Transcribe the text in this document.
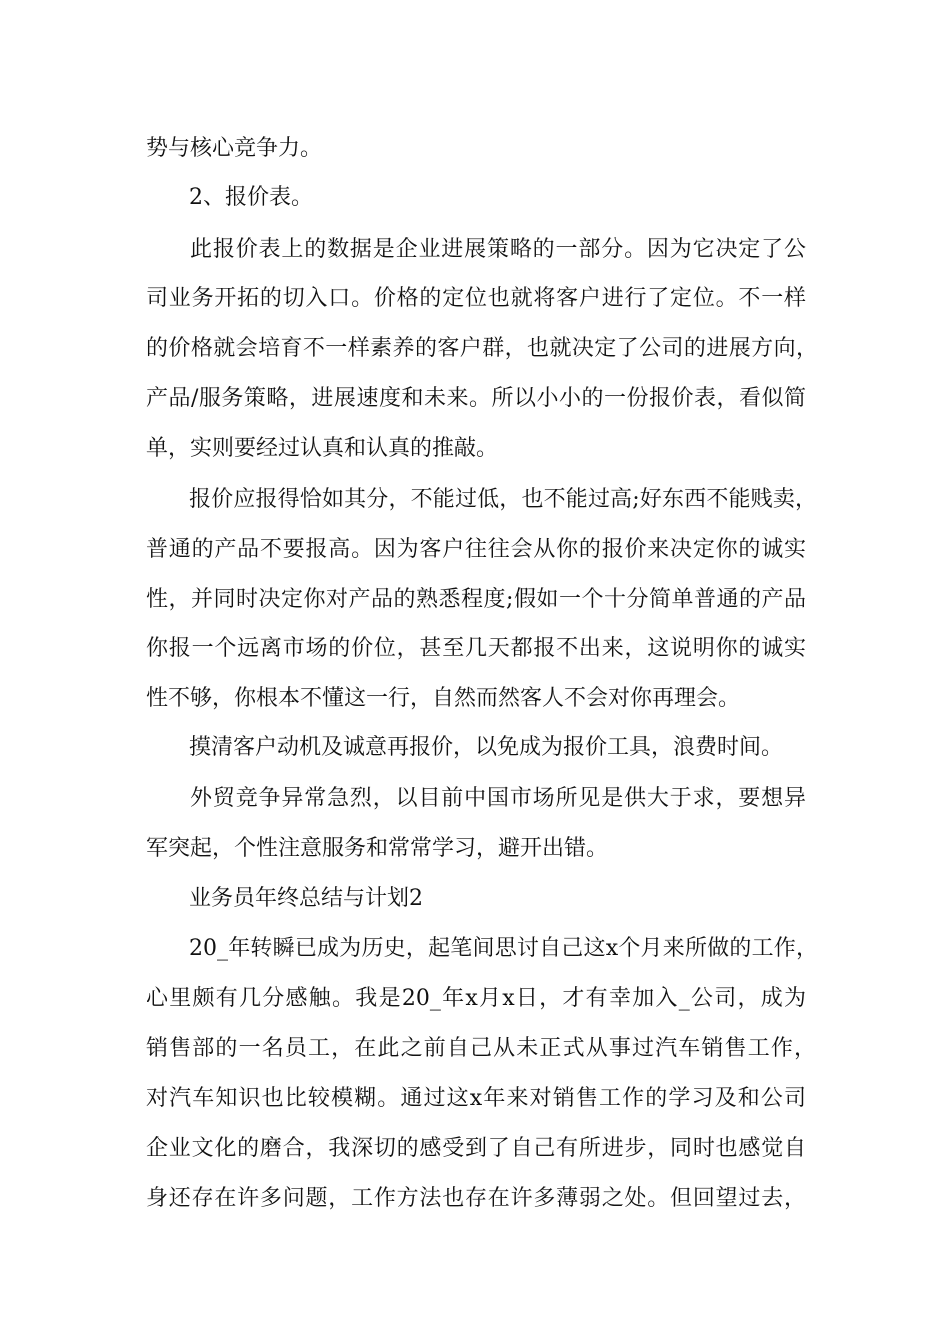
势与核心竞争力。
2、报价表。
此报价表上的数据是企业进展策略的一部分。因为它决定了公
司业务开拓的切入口。价格的定位也就将客户进行了定位。不一样
的价格就会培育不一样素养的客户群，也就决定了公司的进展方向，
产品/服务策略，进展速度和未来。所以小小的一份报价表，看似简
单，实则要经过认真和认真的推敲。
报价应报得恰如其分，不能过低，也不能过高;好东西不能贱卖，
普通的产品不要报高。因为客户往往会从你的报价来决定你的诚实
性，并同时决定你对产品的熟悉程度;假如一个十分简单普通的产品
你报一个远离市场的价位，甚至几天都报不出来，这说明你的诚实
性不够，你根本不懂这一行，自然而然客人不会对你再理会。
摸清客户动机及诚意再报价，以免成为报价工具，浪费时间。
外贸竞争异常急烈，以目前中国市场所见是供大于求，要想异
军突起，个性注意服务和常常学习，避开出错。
业务员年终总结与计划2
20_年转瞬已成为历史，起笔间思讨自己这x个月来所做的工作，
心里颇有几分感触。我是20_年x月x日，才有幸加入_公司，成为
销售部的一名员工，在此之前自己从未正式从事过汽车销售工作，
对汽车知识也比较模糊。通过这x年来对销售工作的学习及和公司
企业文化的磨合，我深切的感受到了自己有所进步，同时也感觉自
身还存在许多问题，工作方法也存在许多薄弱之处。但回望过去，
